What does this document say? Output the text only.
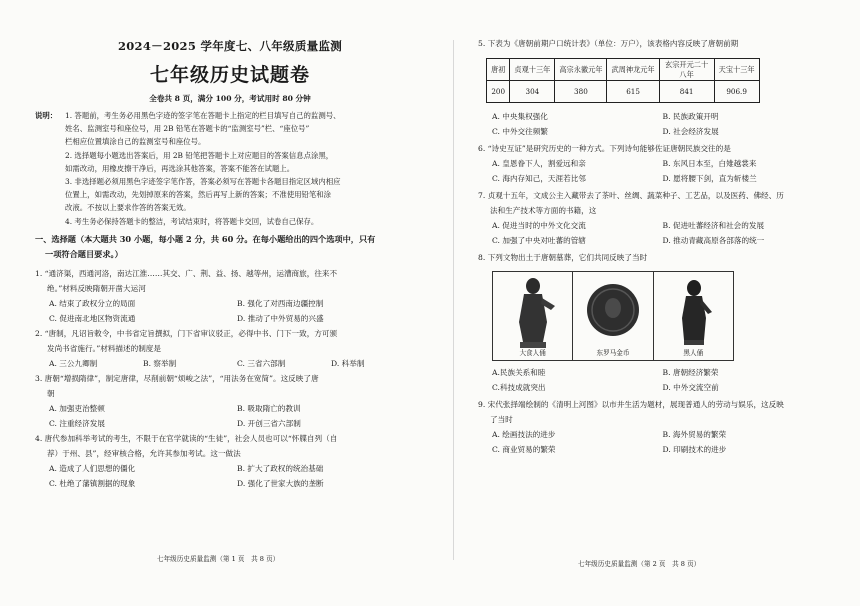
2024－2025 学年度七、八年级质量监测

七年级历史试题卷

全卷共 8 页，满分 100 分，考试用时 80 分钟

说明：	1. 答题前，考生务必用黑色字迹的签字笔在答题卡上指定的栏目填写自己的监测号、
姓名、监测室号和座位号，用 2B 铅笔在答题卡的“监测室号”栏、“座位号”
栏相应位置填涂自己的监测室号和座位号。
2. 选择题每小题选出答案后，用 2B 铅笔把答题卡上对应题目的答案信息点涂黑，
如需改动，用橡皮擦干净后，再选涂其他答案，答案不能答在试题上。
3. 非选择题必须用黑色字迹签字笔作答，答案必须写在答题卡各题目指定区域内相应
位置上，如需改动，先划掉原来的答案，然后再写上新的答案；不准使用铅笔和涂
改液。不按以上要求作答的答案无效。
4. 考生务必保持答题卡的整洁，考试结束时，将答题卡交回，试卷自己保存。

一、选择题（本大题共 30 小题，每小题 2 分，共 60 分。在每小题给出的四个选项中，只有

一项符合题目要求。）

1. “通济渠，西通河洛，南达江淮……其交、广、荆、益、扬、越等州，运漕商旅，往来不

绝。”材料反映隋朝开凿大运河

A. 结束了政权分立的局面	B. 强化了对西南边疆控制
C. 促进南北地区物资流通	D. 推动了中外贸易的兴盛

2. “唐制，凡诏旨敕令，中书省定旨撰拟，门下省审议驳正，必得中书、门下一致，方可颁

发尚书省施行。”材料描述的制度是

A. 三公九卿制	B. 察举制	C. 三省六部制	D. 科举制

3. 唐朝“增损隋律”，制定唐律，尽削前朝“烦峻之法”，“用法务在宽简”。这反映了唐

朝

A. 加强吏治整顿	B. 吸取隋亡的教训
C. 注重经济发展	D. 开创三省六部制

4. 唐代参加科举考试的考生，不限于在官学就读的“生徒”，社会人员也可以“怀牒自列（自

荐）于州、县”，经审核合格，允许其参加考试。这一做法

A. 造成了人们思想的僵化	B. 扩大了政权的统治基础
C. 杜绝了藩镇割据的现象	D. 强化了世家大族的垄断

5. 下表为《唐朝前期户口统计表》（单位：万户），该表格内容反映了唐朝前期

唐初	贞观十三年	高宗永徽元年	武周神龙元年	玄宗开元二十八年	天宝十三年
200	304	380	615	841	906.9
A. 中央集权强化	B. 民族政策开明
C. 中外交往频繁	D. 社会经济发展

6. “诗史互证”是研究历史的一种方式。下列诗句能够佐证唐朝民族交往的是

A. 皇恩眷下人，割爱远和亲	B. 东风日本至，白雉越裳来
C. 海内存知己，天涯若比邻	D. 愿将腰下剑，直为斩楼兰

7. 贞观十五年，文成公主入藏带去了茶叶、丝绸、蔬菜种子、工艺品，以及医药、佛经、历

法和生产技术等方面的书籍，这

A. 促进当时的中外文化交流	B. 促进吐蕃经济和社会的发展
C. 加强了中央对吐蕃的管辖	D. 推动青藏高原各部落的统一

8. 下列文物出土于唐朝墓葬，它们共同反映了当时

大食人俑	东罗马金币	黑人俑
A.民族关系和睦	B. 唐朝经济繁荣
C.科技成就突出	D. 中外交流空前

9. 宋代张择端绘制的《清明上河图》以市井生活为题材，展现普通人的劳动与娱乐，这反映

了当时

A. 绘画技法的进步	B. 海外贸易的繁荣
C. 商业贸易的繁荣	D. 印刷技术的进步

七年级历史质量监测（第 1 页　共 8 页）

七年级历史质量监测（第 2 页　共 8 页）
